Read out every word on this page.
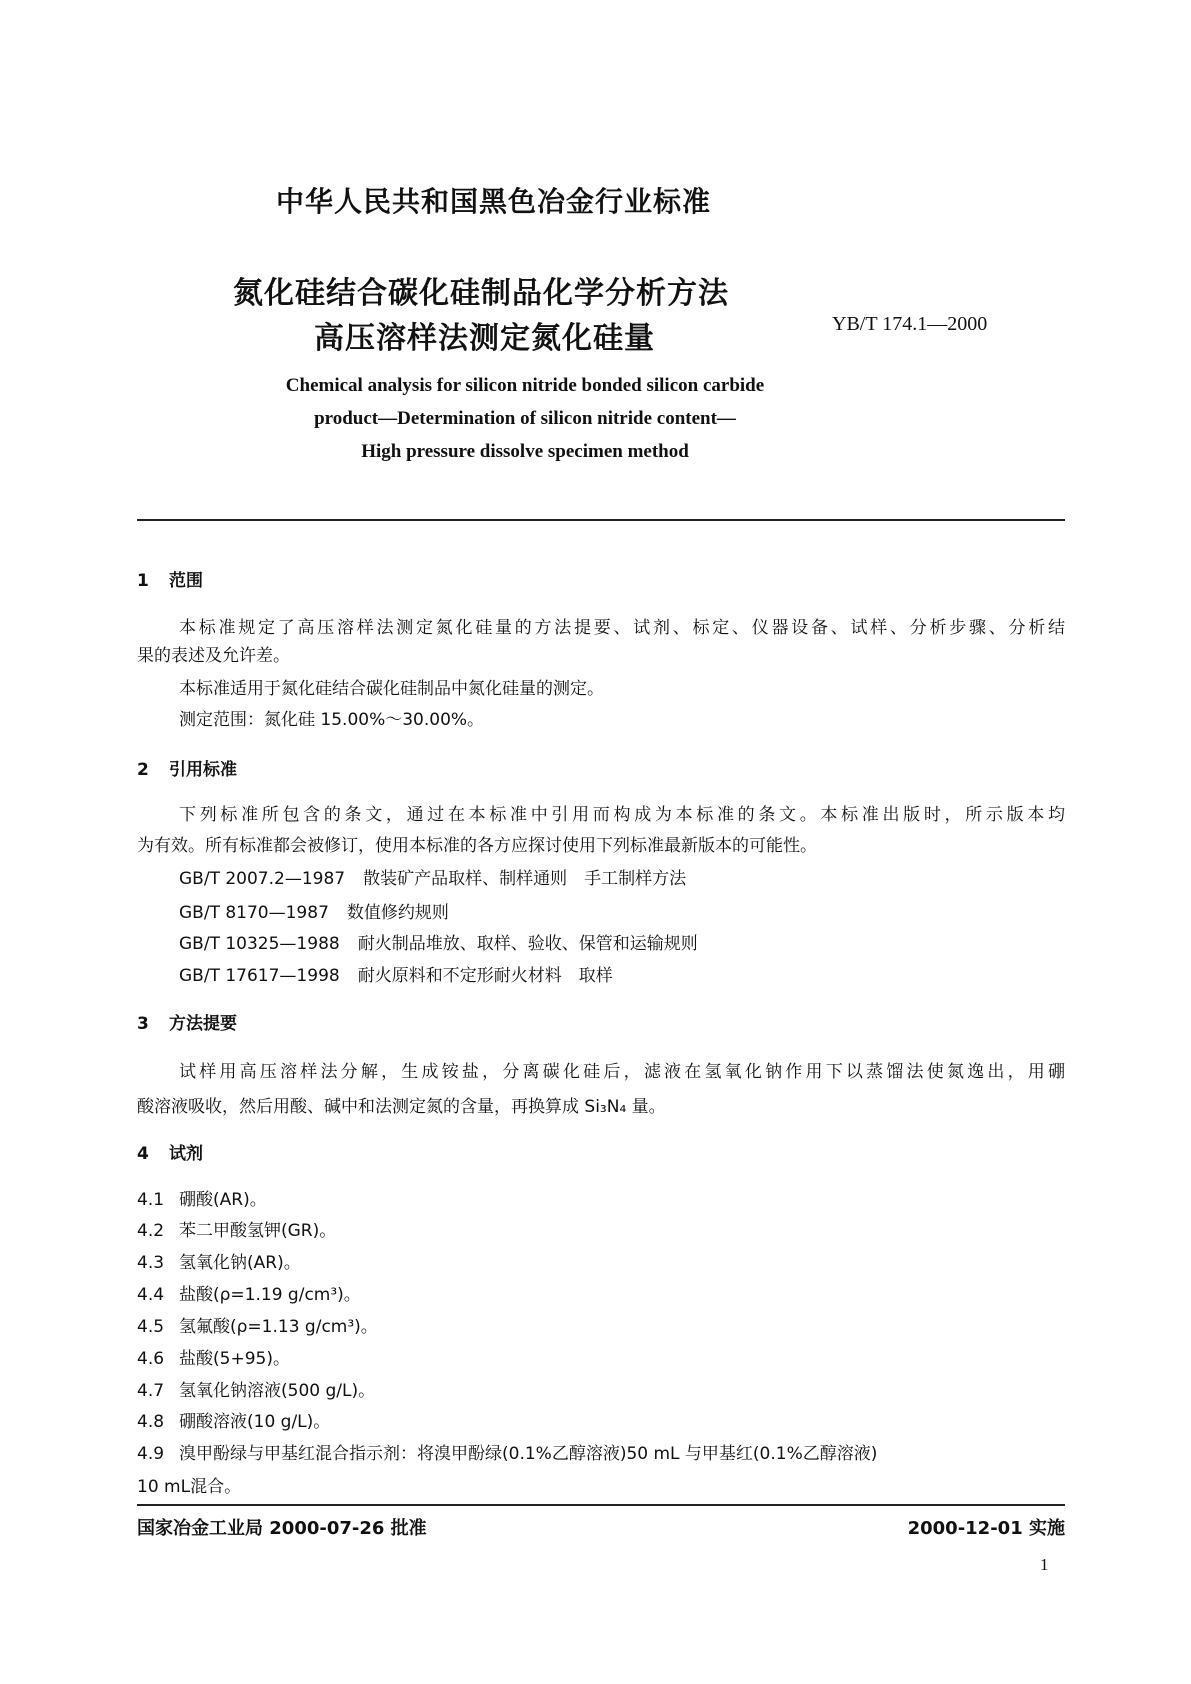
中华人民共和国黑色冶金行业标准
氮化硅结合碳化硅制品化学分析方法
高压溶样法测定氮化硅量	YB/T 174.1—2000
Chemical analysis for silicon nitride bonded silicon carbide
product—Determination of silicon nitride content—
High pressure dissolve specimen method
1 范围
本标准规定了高压溶样法测定氮化硅量的方法提要、试剂、标定、仪器设备、试样、分析步骤、分析结
果的表述及允许差。
本标准适用于氮化硅结合碳化硅制品中氮化硅量的测定。
测定范围：氮化硅 15.00%～30.00%。
2 引用标准
下列标准所包含的条文，通过在本标准中引用而构成为本标准的条文。本标准出版时，所示版本均
为有效。所有标准都会被修订，使用本标准的各方应探讨使用下列标准最新版本的可能性。
GB/T 2007.2—1987 散装矿产品取样、制样通则　手工制样方法
GB/T 8170—1987 数值修约规则
GB/T 10325—1988 耐火制品堆放、取样、验收、保管和运输规则
GB/T 17617—1998 耐火原料和不定形耐火材料　取样
3 方法提要
试样用高压溶样法分解，生成铵盐，分离碳化硅后，滤液在氢氧化钠作用下以蒸馏法使氮逸出，用硼
酸溶液吸收，然后用酸、碱中和法测定氮的含量，再换算成 Si₃N₄ 量。
4 试剂
4.1 硼酸(AR)。
4.2 苯二甲酸氢钾(GR)。
4.3 氢氧化钠(AR)。
4.4 盐酸(ρ=1.19 g/cm³)。
4.5 氢氟酸(ρ=1.13 g/cm³)。
4.6 盐酸(5+95)。
4.7 氢氧化钠溶液(500 g/L)。
4.8 硼酸溶液(10 g/L)。
4.9 溴甲酚绿与甲基红混合指示剂：将溴甲酚绿(0.1%乙醇溶液)50 mL 与甲基红(0.1%乙醇溶液)
10 mL混合。
国家冶金工业局 2000-07-26 批准	2000-12-01 实施
1
